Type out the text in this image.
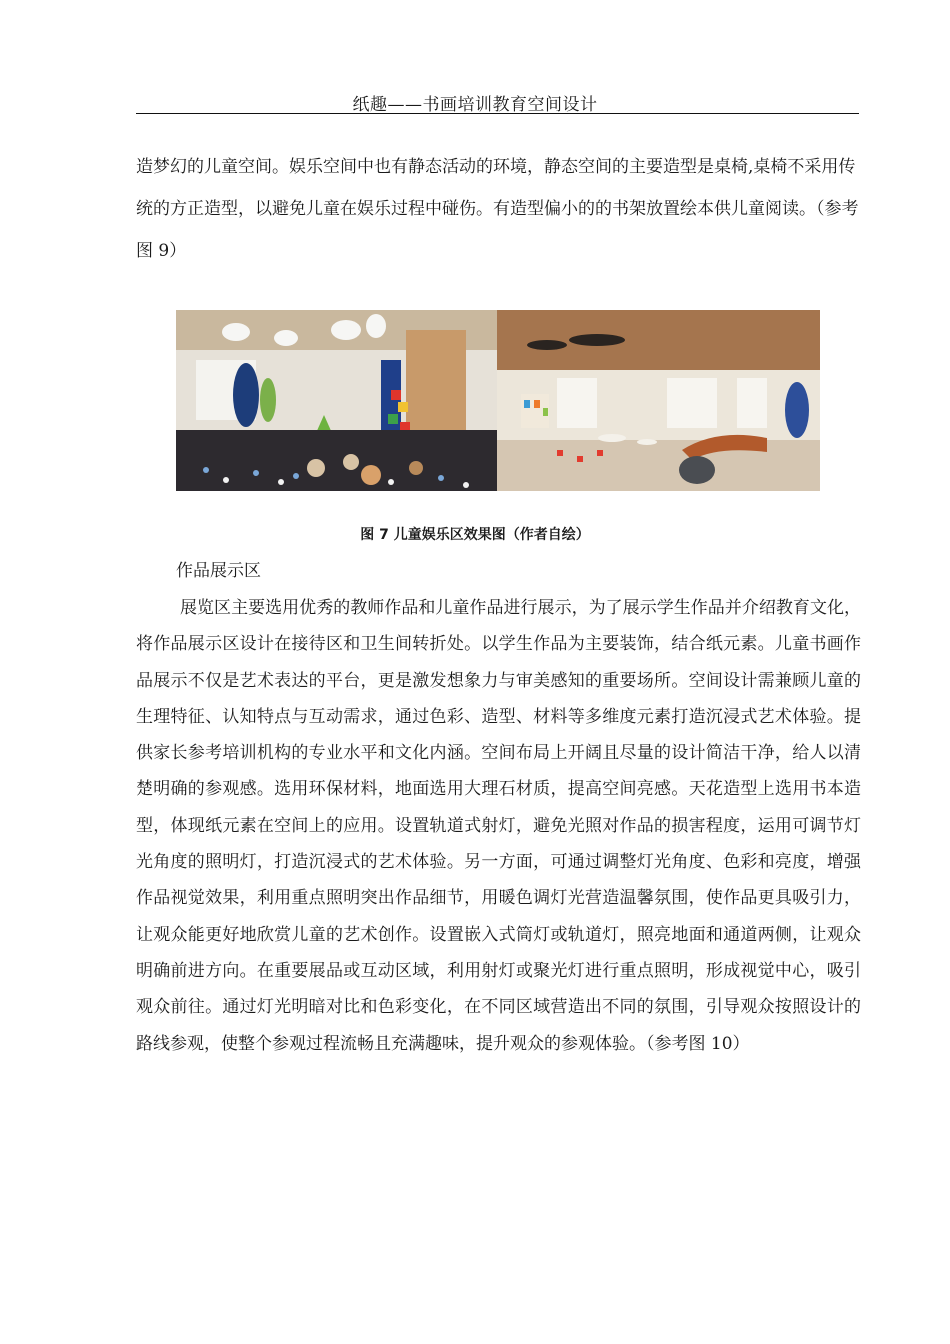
纸趣——书画培训教育空间设计

造梦幻的儿童空间。娱乐空间中也有静态活动的环境，静态空间的主要造型是桌椅,桌椅不采用传统的方正造型，以避免儿童在娱乐过程中碰伤。有造型偏小的的书架放置绘本供儿童阅读。（参考图 9）

图 7 儿童娱乐区效果图（作者自绘）
作品展示区

展览区主要选用优秀的教师作品和儿童作品进行展示，为了展示学生作品并介绍教育文化，将作品展示区设计在接待区和卫生间转折处。以学生作品为主要装饰，结合纸元素。儿童书画作品展示不仅是艺术表达的平台，更是激发想象力与审美感知的重要场所。空间设计需兼顾儿童的生理特征、认知特点与互动需求，通过色彩、造型、材料等多维度元素打造沉浸式艺术体验。提供家长参考培训机构的专业水平和文化内涵。空间布局上开阔且尽量的设计简洁干净，给人以清楚明确的参观感。选用环保材料，地面选用大理石材质，提高空间亮感。天花造型上选用书本造型，体现纸元素在空间上的应用。设置轨道式射灯，避免光照对作品的损害程度，运用可调节灯光角度的照明灯，打造沉浸式的艺术体验。另一方面，可通过调整灯光角度、色彩和亮度，增强作品视觉效果，利用重点照明突出作品细节，用暖色调灯光营造温馨氛围，使作品更具吸引力，让观众能更好地欣赏儿童的艺术创作。设置嵌入式筒灯或轨道灯，照亮地面和通道两侧，让观众明确前进方向。在重要展品或互动区域，利用射灯或聚光灯进行重点照明，形成视觉中心，吸引观众前往。通过灯光明暗对比和色彩变化，在不同区域营造出不同的氛围，引导观众按照设计的路线参观，使整个参观过程流畅且充满趣味，提升观众的参观体验。（参考图 10）
